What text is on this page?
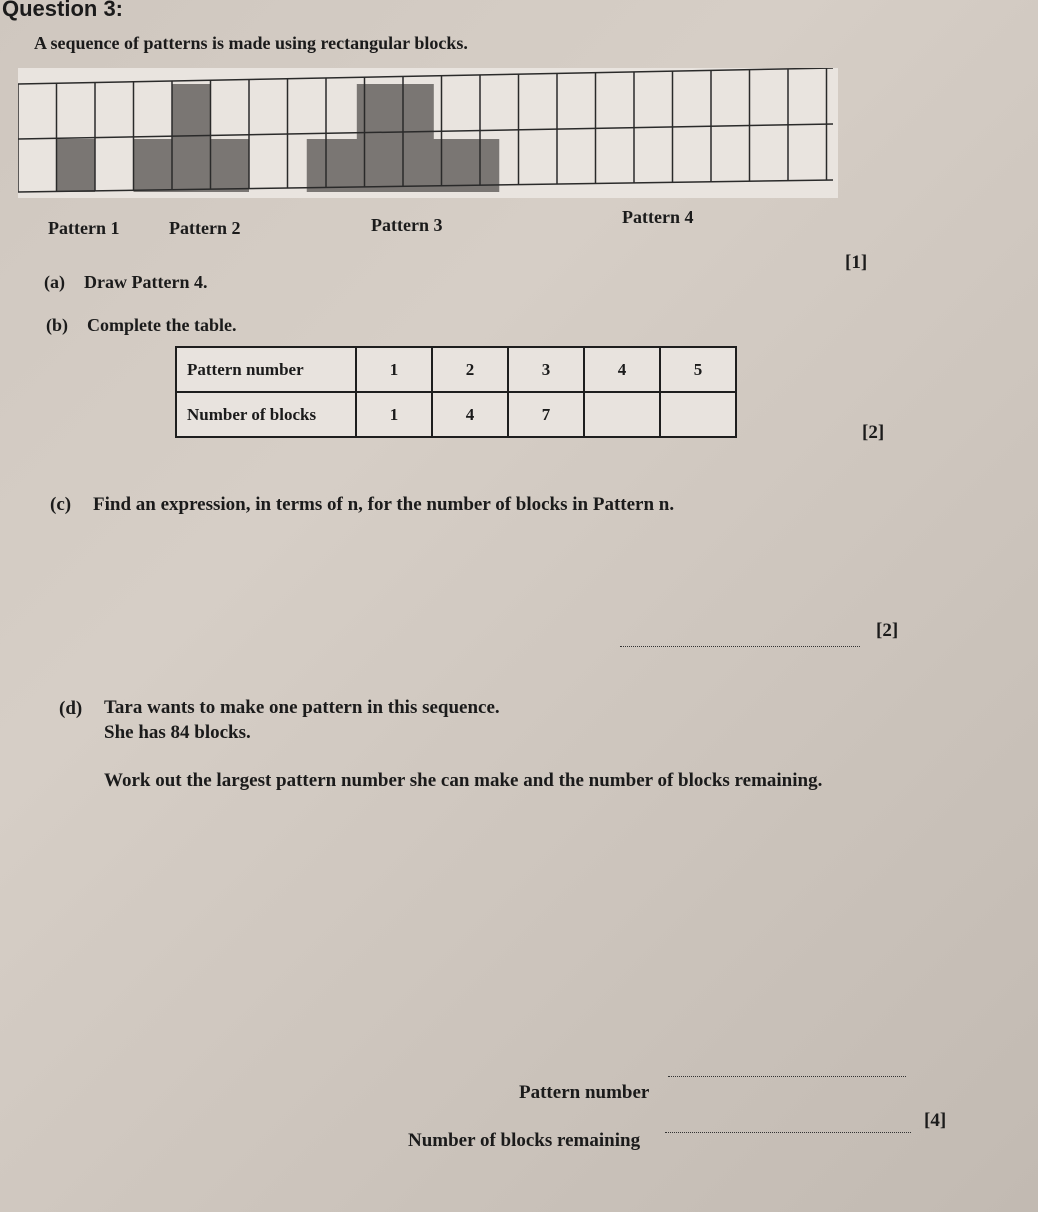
Question 3:
A sequence of patterns is made using rectangular blocks.
Pattern 1	Pattern 2	Pattern 3	Pattern 4
[1]
(a) Draw Pattern 4.
(b) Complete the table.
Pattern number	1	2	3	4	5
Number of blocks	1	4	7		
[2]
(c) Find an expression, in terms of n, for the number of blocks in Pattern n.
[2]
(d) Tara wants to make one pattern in this sequence.
She has 84 blocks.
Work out the largest pattern number she can make and the number of blocks remaining.
Pattern number
Number of blocks remaining
[4]
